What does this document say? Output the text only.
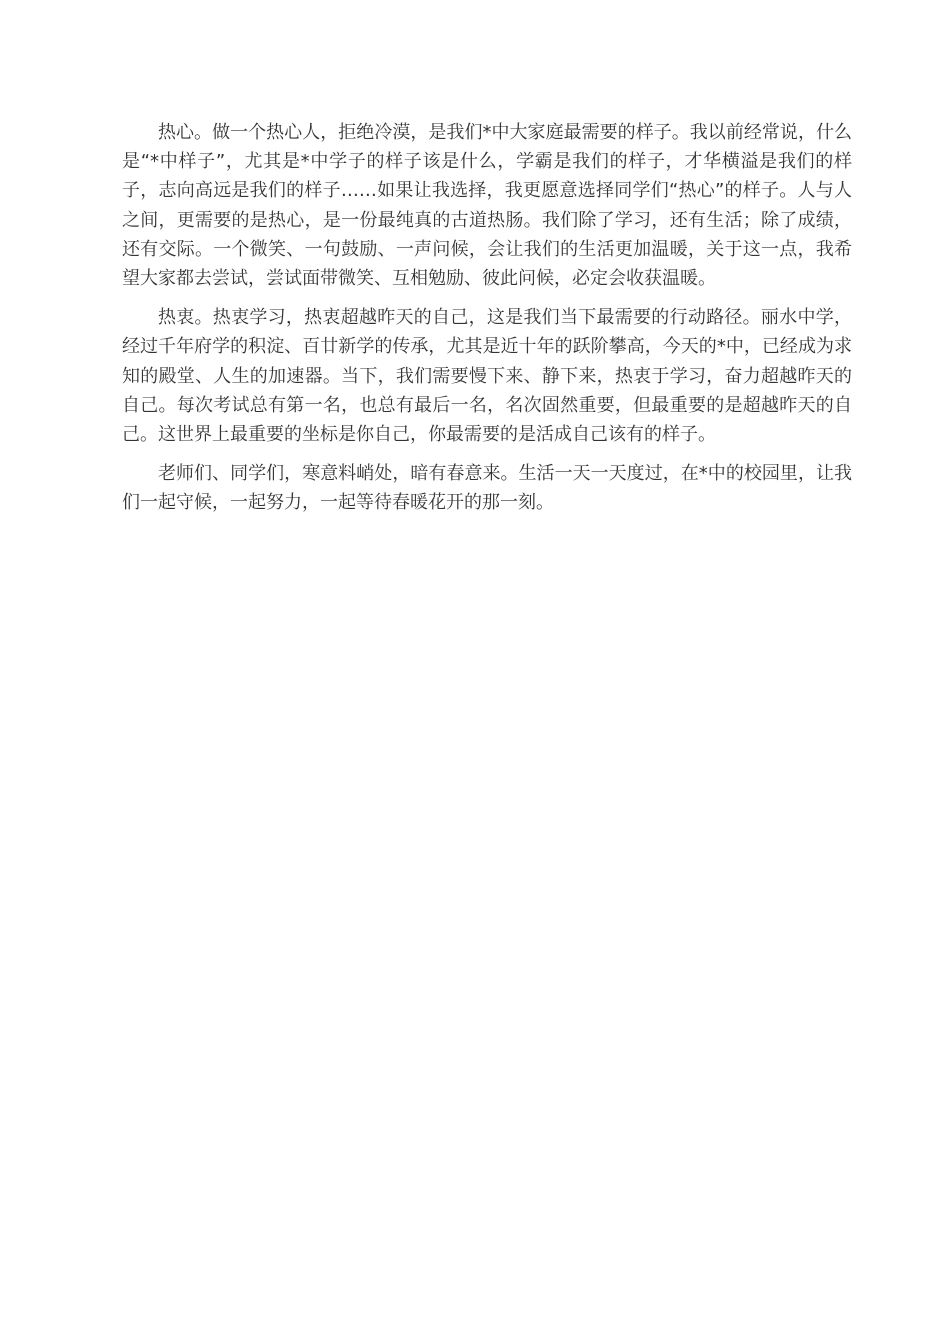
热心。做一个热心人，拒绝冷漠，是我们*中大家庭最需要的样子。我以前经常说，什么是“*中样子”，尤其是*中学子的样子该是什么，学霸是我们的样子，才华横溢是我们的样子，志向高远是我们的样子……如果让我选择，我更愿意选择同学们“热心”的样子。人与人之间，更需要的是热心，是一份最纯真的古道热肠。我们除了学习，还有生活；除了成绩，还有交际。一个微笑、一句鼓励、一声问候，会让我们的生活更加温暖，关于这一点，我希望大家都去尝试，尝试面带微笑、互相勉励、彼此问候，必定会收获温暖。

热衷。热衷学习，热衷超越昨天的自己，这是我们当下最需要的行动路径。丽水中学，经过千年府学的积淀、百廿新学的传承，尤其是近十年的跃阶攀高，今天的*中，已经成为求知的殿堂、人生的加速器。当下，我们需要慢下来、静下来，热衷于学习，奋力超越昨天的自己。每次考试总有第一名，也总有最后一名，名次固然重要，但最重要的是超越昨天的自己。这世界上最重要的坐标是你自己，你最需要的是活成自己该有的样子。

老师们、同学们，寒意料峭处，暗有春意来。生活一天一天度过，在*中的校园里，让我们一起守候，一起努力，一起等待春暖花开的那一刻。
